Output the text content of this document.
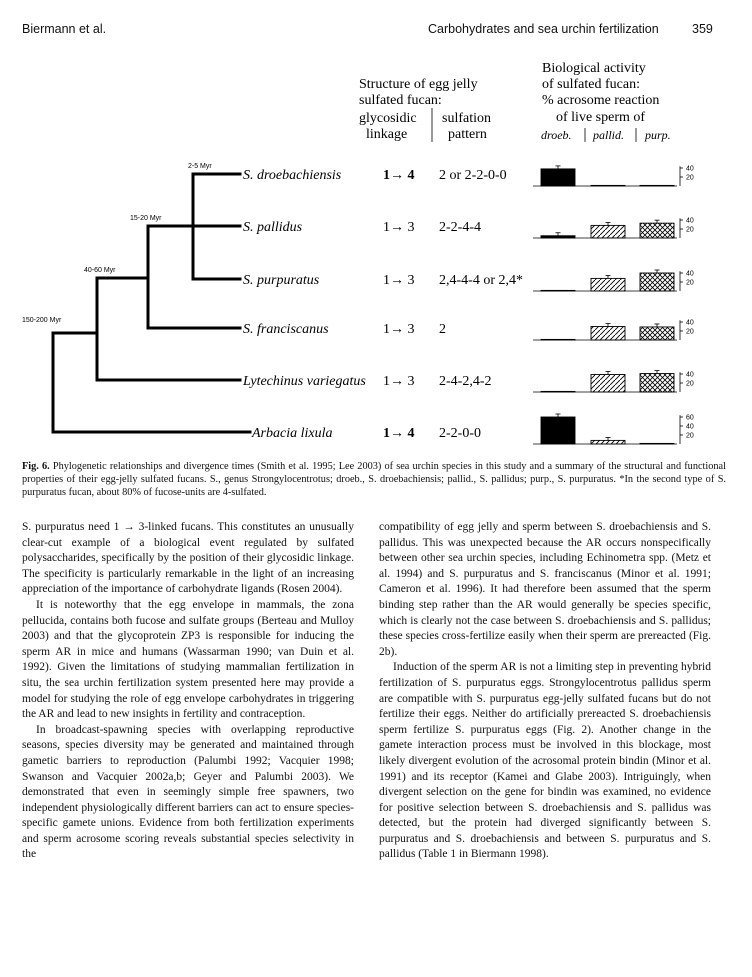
Biermann et al.	Carbohydrates and sea urchin fertilization	359
2-5 Myr
15-20 Myr
40-60 Myr
150-200 Myr
Structure of egg jelly
sulfated fucan:
glycosidic
linkage
sulfation
pattern
Biological activity
of sulfated fucan:
% acrosome reaction
of live sperm of
droeb. pallid. purp.
S. droebachiensis	1→ 4 2 or 2-2-0-0
S. pallidus	1→ 3 2-2-4-4
S. purpuratus	1→ 3 2,4-4-4 or 2,4*
S. franciscanus	1→ 3 2
Lytechinus variegatus 1→ 3 2-4-2,4-2
Arbacia lixula	1→ 4 2-2-0-0
40
20
40
20
40
20
40
20
40
20
60
40
20
Fig. 6. Phylogenetic relationships and divergence times (Smith et al. 1995; Lee 2003) of sea urchin species in this study and a summary of the structural and functional properties of their egg-jelly sulfated fucans. S., genus Strongylocentrotus; droeb., S. droebachiensis; pallid., S. pallidus; purp., S. purpuratus. *In the second type of S. purpuratus fucan, about 80% of fucose-units are 4-sulfated.

S. purpuratus need 1 → 3-linked fucans. This constitutes an unusually clear-cut example of a biological event regulated by sulfated polysaccharides, specifically by the position of their glycosidic linkage. The specificity is particularly remarkable in the light of an increasing appreciation of the importance of carbohydrate ligands (Rosen 2004).

It is noteworthy that the egg envelope in mammals, the zona pellucida, contains both fucose and sulfate groups (Berteau and Mulloy 2003) and that the glycoprotein ZP3 is responsible for inducing the sperm AR in mice and humans (Wassarman 1990; van Duin et al. 1992). Given the limitations of studying mammalian fertilization in situ, the sea urchin fertilization system presented here may provide a model for studying the role of egg envelope carbohydrates in triggering the AR and lead to new insights in fertility and contraception.

In broadcast-spawning species with overlapping reproductive seasons, species diversity may be generated and maintained through gametic barriers to reproduction (Palumbi 1992; Vacquier 1998; Swanson and Vacquier 2002a,b; Geyer and Palumbi 2003). We demonstrated that even in seemingly simple free spawners, two independent physiologically different barriers can act to ensure species-specific gamete unions. Evidence from both fertilization experiments and sperm acrosome scoring reveals substantial species selectivity in the

compatibility of egg jelly and sperm between S. droebachiensis and S. pallidus. This was unexpected because the AR occurs nonspecifically between other sea urchin species, including Echinometra spp. (Metz et al. 1994) and S. purpuratus and S. franciscanus (Minor et al. 1991; Cameron et al. 1996). It had therefore been assumed that the sperm binding step rather than the AR would generally be species specific, which is clearly not the case between S. droebachiensis and S. pallidus; these species cross-fertilize easily when their sperm are prereacted (Fig. 2b).

Induction of the sperm AR is not a limiting step in preventing hybrid fertilization of S. purpuratus eggs. Strongylocentrotus pallidus sperm are compatible with S. purpuratus egg-jelly sulfated fucans but do not fertilize their eggs. Neither do artificially prereacted S. droebachiensis sperm fertilize S. purpuratus eggs (Fig. 2). Another change in the gamete interaction process must be involved in this blockage, most likely divergent evolution of the acrosomal protein bindin (Minor et al. 1991) and its receptor (Kamei and Glabe 2003). Intriguingly, when divergent selection on the gene for bindin was examined, no evidence for positive selection between S. droebachiensis and S. pallidus was detected, but the protein had diverged significantly between S. purpuratus and S. droebachiensis and between S. purpuratus and S. pallidus (Table 1 in Biermann 1998).
